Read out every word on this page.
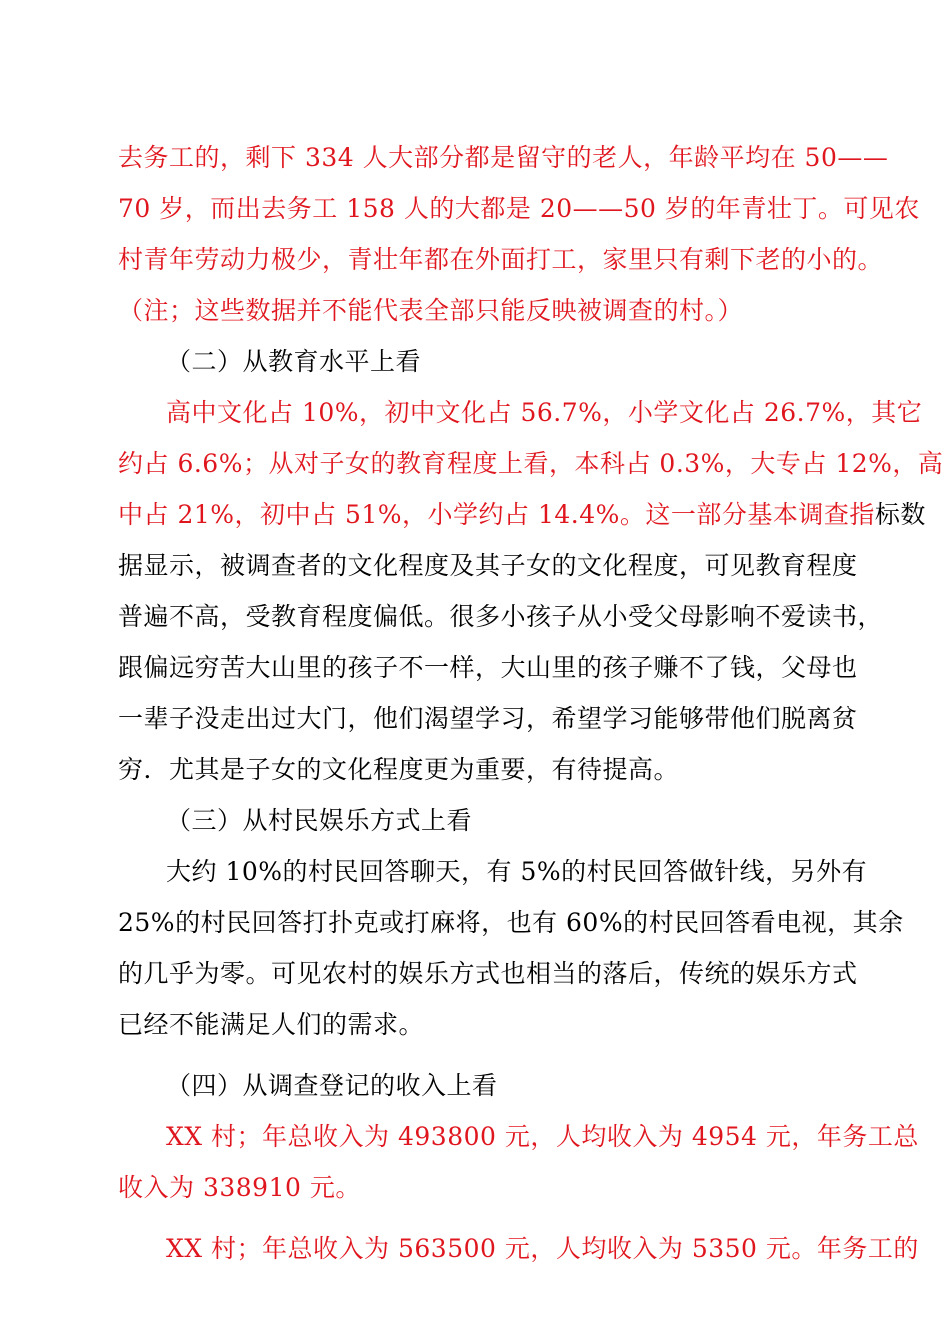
去务工的，剩下 334 人大部分都是留守的老人，年龄平均在 50——
70 岁，而出去务工 158 人的大都是 20——50 岁的年青壮丁。可见农
村青年劳动力极少，青壮年都在外面打工，家里只有剩下老的小的。
（注；这些数据并不能代表全部只能反映被调查的村。）
（二）从教育水平上看
高中文化占 10%，初中文化占 56.7%，小学文化占 26.7%，其它
约占 6.6%；从对子女的教育程度上看，本科占 0.3%，大专占 12%，高
中占 21%，初中占 51%，小学约占 14.4%。这一部分基本调查指标数
据显示，被调查者的文化程度及其子女的文化程度，可见教育程度
普遍不高，受教育程度偏低。很多小孩子从小受父母影响不爱读书，
跟偏远穷苦大山里的孩子不一样，大山里的孩子赚不了钱，父母也
一辈子没走出过大门，他们渴望学习，希望学习能够带他们脱离贫
穷．尤其是子女的文化程度更为重要，有待提高。
（三）从村民娱乐方式上看
大约 10%的村民回答聊天，有 5%的村民回答做针线，另外有
25%的村民回答打扑克或打麻将，也有 60%的村民回答看电视，其余
的几乎为零。可见农村的娱乐方式也相当的落后，传统的娱乐方式
已经不能满足人们的需求。
（四）从调查登记的收入上看
XX 村；年总收入为 493800 元，人均收入为 4954 元，年务工总
收入为 338910 元。
XX 村；年总收入为 563500 元，人均收入为 5350 元。年务工的
